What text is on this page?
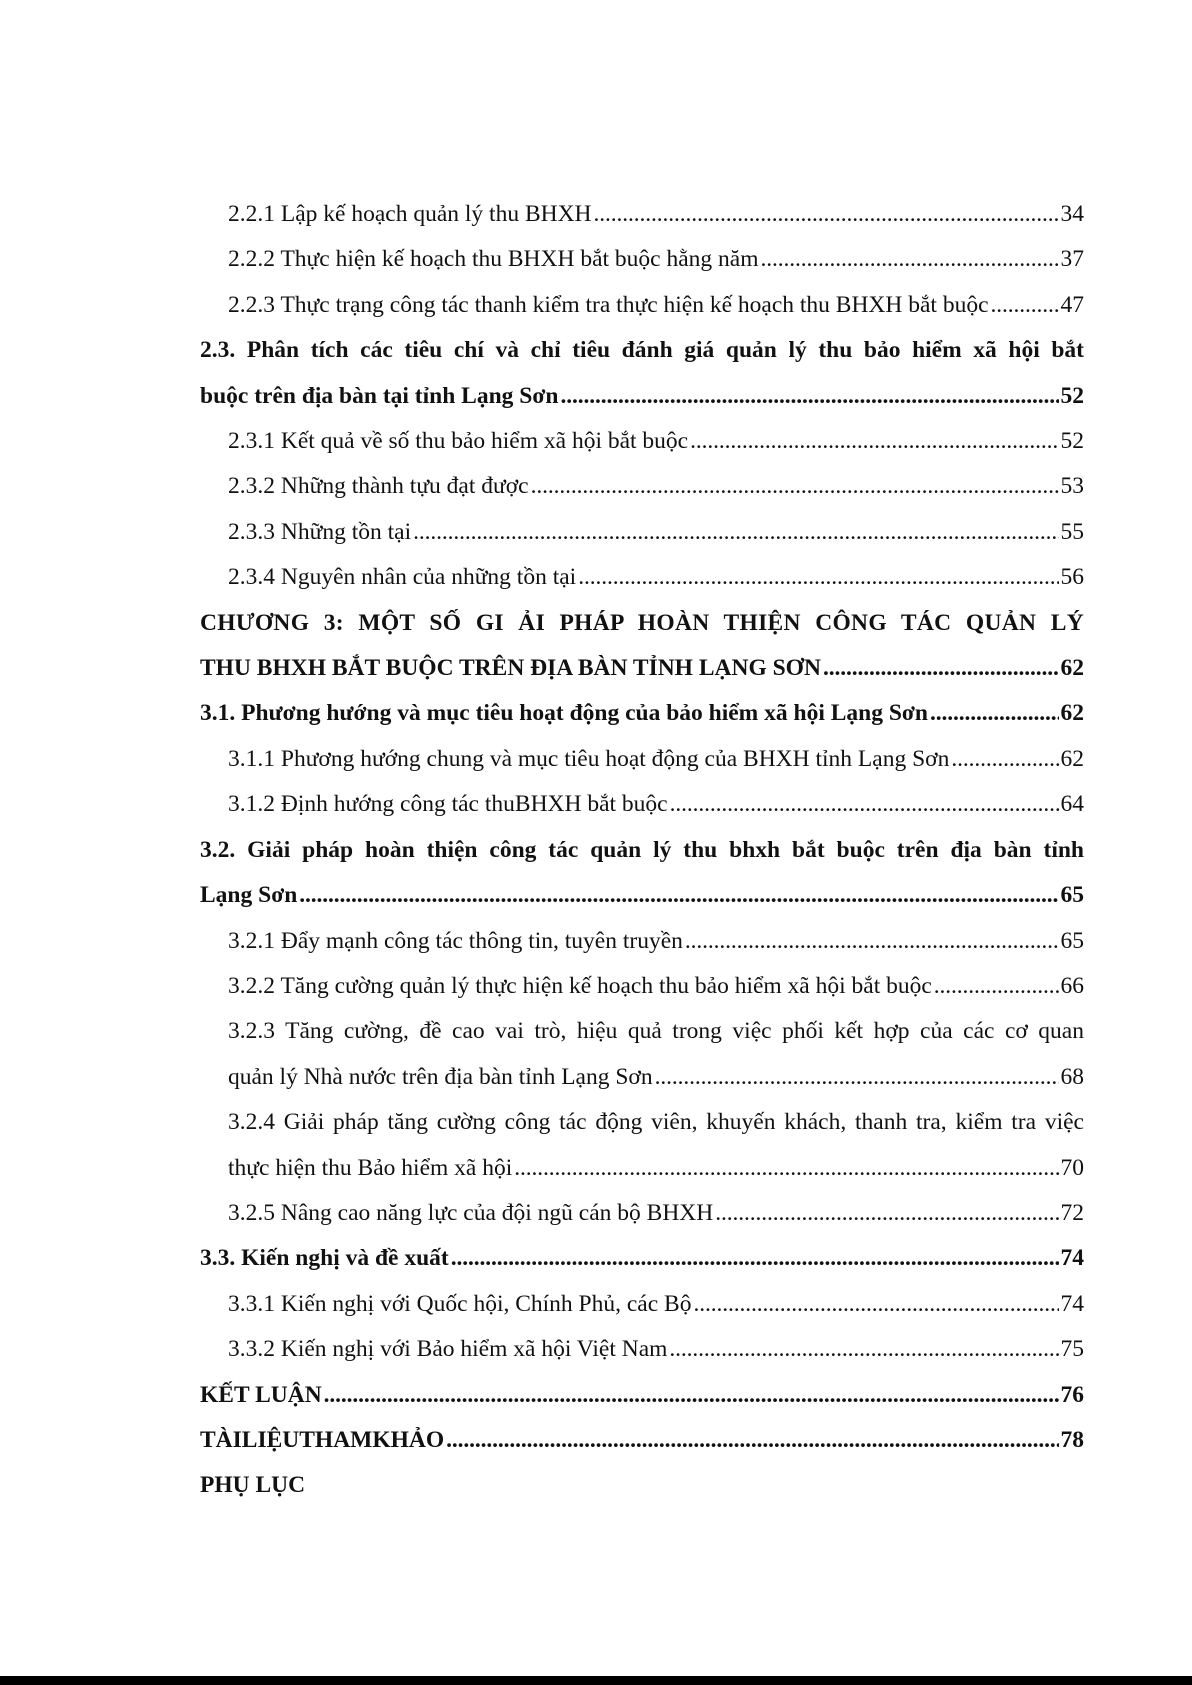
2.2.1 Lập kế hoạch quản lý thu BHXH . . .	34
2.2.2 Thực hiện kế hoạch thu BHXH bắt buộc hằng năm . . .	37
2.2.3 Thực trạng công tác thanh kiểm tra thực hiện kế hoạch thu BHXH bắt buộc . . .	47
2.3. Phân tích các tiêu chí và chỉ tiêu đánh giá quản lý thu bảo hiểm xã hội bắt
buộc trên địa bàn tại tỉnh Lạng Sơn . . .	52
2.3.1 Kết quả về số thu bảo hiểm xã hội bắt buộc . . .	52
2.3.2 Những thành tựu đạt được . . .	53
2.3.3 Những tồn tại . . .	55
2.3.4 Nguyên nhân của những tồn tại . . .	56
CHƯƠNG 3: MỘT SỐ GI ẢI PHÁP HOÀN THIỆN CÔNG TÁC QUẢN LÝ
THU BHXH BẮT BUỘC TRÊN ĐỊA BÀN TỈNH LẠNG SƠN . . .	62
3.1. Phương hướng và mục tiêu hoạt động của bảo hiểm xã hội Lạng Sơn . . .	62
3.1.1 Phương hướng chung và mục tiêu hoạt động của BHXH tỉnh Lạng Sơn . . .	62
3.1.2 Định hướng công tác thuBHXH bắt buộc . . .	64
3.2. Giải pháp hoàn thiện công tác quản lý thu bhxh bắt buộc trên địa bàn tỉnh
Lạng Sơn . . .	65
3.2.1 Đẩy mạnh công tác thông tin, tuyên truyền . . .	65
3.2.2 Tăng cường quản lý thực hiện kế hoạch thu bảo hiểm xã hội bắt buộc . . .	66
3.2.3 Tăng cường, đề cao vai trò, hiệu quả trong việc phối kết hợp của các cơ quan
quản lý Nhà nước trên địa bàn tỉnh Lạng Sơn . . .	68
3.2.4 Giải pháp tăng cường công tác động viên, khuyến khách, thanh tra, kiểm tra việc
thực hiện thu Bảo hiểm xã hội . . .	70
3.2.5 Nâng cao năng lực của đội ngũ cán bộ BHXH . . .	72
3.3. Kiến nghị và đề xuất . . .	74
3.3.1 Kiến nghị với Quốc hội, Chính Phủ, các Bộ . . .	74
3.3.2 Kiến nghị với Bảo hiểm xã hội Việt Nam . . .	75
KẾT LUẬN . . .	76
TÀILIỆUTHAMKHẢO . . .	78
PHỤ LỤC
